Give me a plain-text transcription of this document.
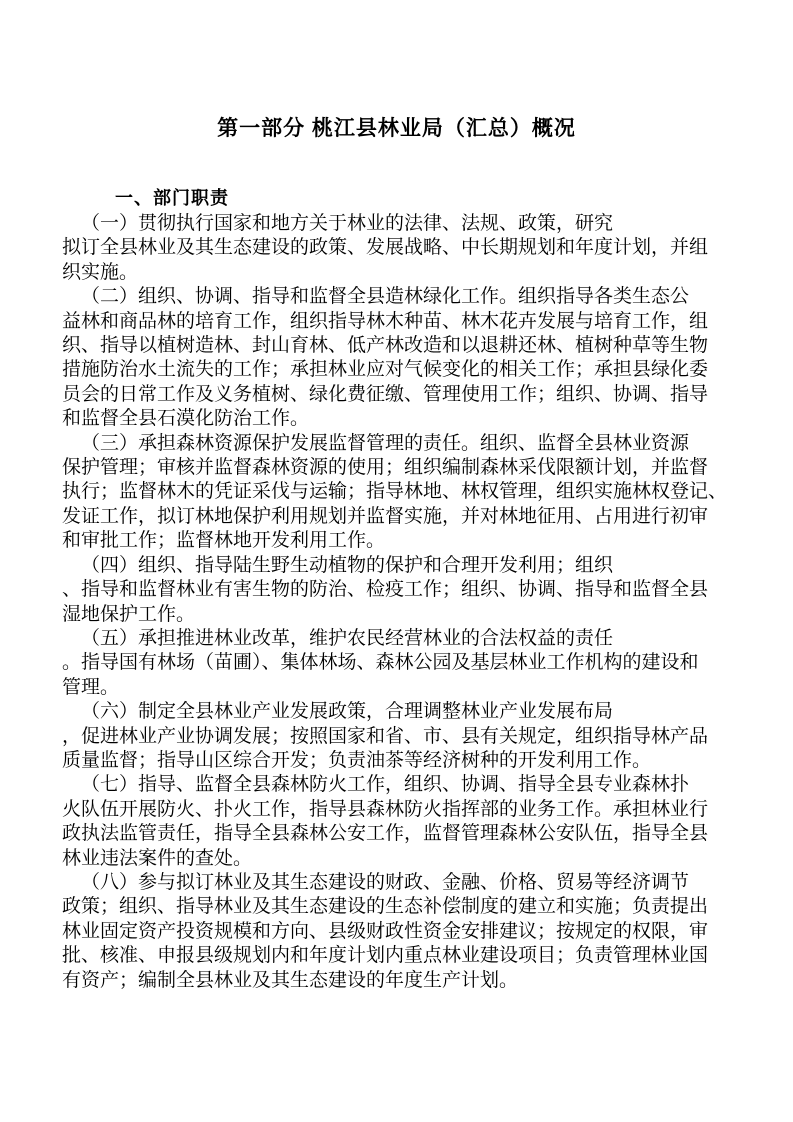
第一部分 桃江县林业局（汇总）概况
一、部门职责
（一）贯彻执行国家和地方关于林业的法律、法规、政策，研究
拟订全县林业及其生态建设的政策、发展战略、中长期规划和年度计划，并组
织实施。
（二）组织、协调、指导和监督全县造林绿化工作。组织指导各类生态公
益林和商品林的培育工作，组织指导林木种苗、林木花卉发展与培育工作，组
织、指导以植树造林、封山育林、低产林改造和以退耕还林、植树种草等生物
措施防治水土流失的工作；承担林业应对气候变化的相关工作；承担县绿化委
员会的日常工作及义务植树、绿化费征缴、管理使用工作；组织、协调、指导
和监督全县石漠化防治工作。
（三）承担森林资源保护发展监督管理的责任。组织、监督全县林业资源
保护管理；审核并监督森林资源的使用；组织编制森林采伐限额计划，并监督
执行；监督林木的凭证采伐与运输；指导林地、林权管理，组织实施林权登记、
发证工作，拟订林地保护利用规划并监督实施，并对林地征用、占用进行初审
和审批工作；监督林地开发利用工作。
（四）组织、指导陆生野生动植物的保护和合理开发利用；组织
、指导和监督林业有害生物的防治、检疫工作；组织、协调、指导和监督全县
湿地保护工作。
（五）承担推进林业改革，维护农民经营林业的合法权益的责任
。指导国有林场（苗圃）、集体林场、森林公园及基层林业工作机构的建设和
管理。
（六）制定全县林业产业发展政策，合理调整林业产业发展布局
，促进林业产业协调发展；按照国家和省、市、县有关规定，组织指导林产品
质量监督；指导山区综合开发；负责油茶等经济树种的开发利用工作。
（七）指导、监督全县森林防火工作，组织、协调、指导全县专业森林扑
火队伍开展防火、扑火工作，指导县森林防火指挥部的业务工作。承担林业行
政执法监管责任，指导全县森林公安工作，监督管理森林公安队伍，指导全县
林业违法案件的查处。
（八）参与拟订林业及其生态建设的财政、金融、价格、贸易等经济调节
政策；组织、指导林业及其生态建设的生态补偿制度的建立和实施；负责提出
林业固定资产投资规模和方向、县级财政性资金安排建议；按规定的权限，审
批、核准、申报县级规划内和年度计划内重点林业建设项目；负责管理林业国
有资产；编制全县林业及其生态建设的年度生产计划。
